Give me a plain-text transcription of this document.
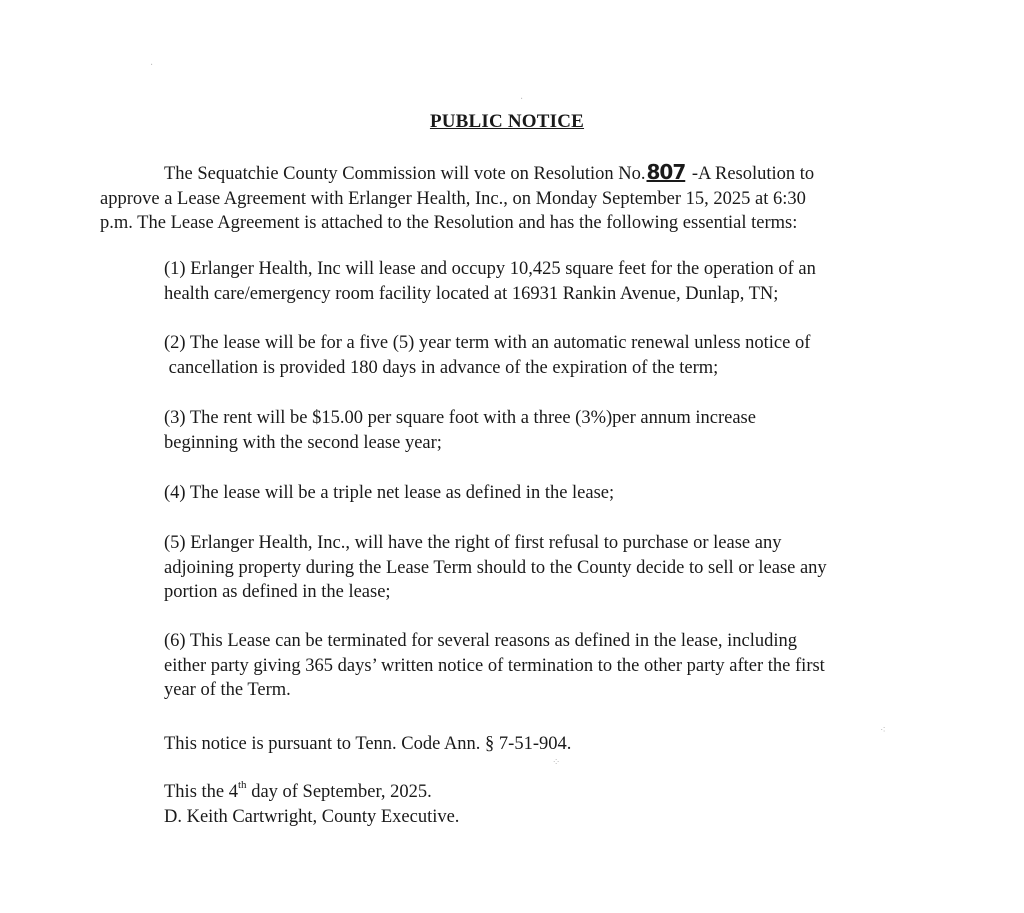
PUBLIC NOTICE

The Sequatchie County Commission will vote on Resolution No.807 -A Resolution to
approve a Lease Agreement with Erlanger Health, Inc., on Monday September 15, 2025 at 6:30
p.m. The Lease Agreement is attached to the Resolution and has the following essential terms:

(1) Erlanger Health, Inc will lease and occupy 10,425 square feet for the operation of an
health care/emergency room facility located at 16931 Rankin Avenue, Dunlap, TN;

(2) The lease will be for a five (5) year term with an automatic renewal unless notice of
cancellation is provided 180 days in advance of the expiration of the term;

(3) The rent will be $15.00 per square foot with a three (3%)per annum increase
beginning with the second lease year;

(4) The lease will be a triple net lease as defined in the lease;

(5) Erlanger Health, Inc., will have the right of first refusal to purchase or lease any
adjoining property during the Lease Term should to the County decide to sell or lease any
portion as defined in the lease;

(6) This Lease can be terminated for several reasons as defined in the lease, including
either party giving 365 days’ written notice of termination to the other party after the first
year of the Term.

This notice is pursuant to Tenn. Code Ann. § 7-51-904.

This the 4th day of September, 2025.
D. Keith Cartwright, County Executive.

⁘
⁖
·
·
